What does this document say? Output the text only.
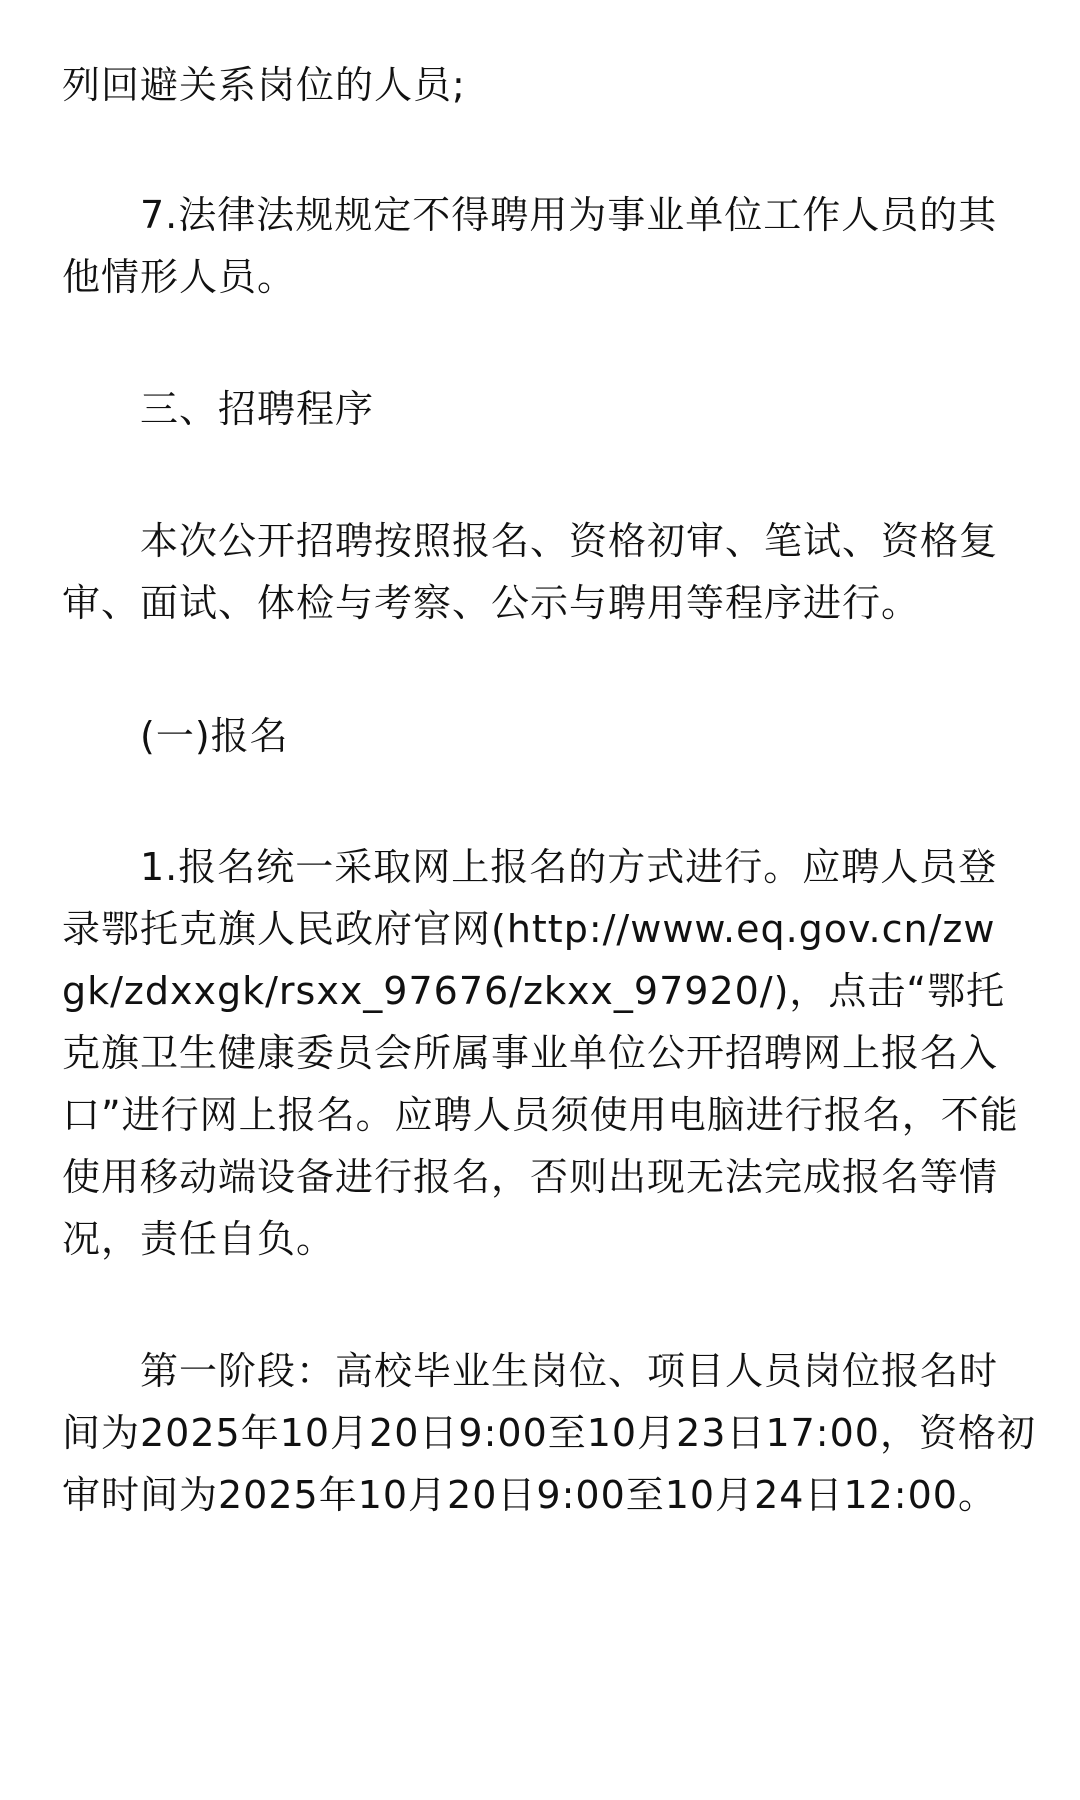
列回避关系岗位的人员;
7.法律法规规定不得聘用为事业单位工作人员的其
他情形人员。
三、招聘程序
本次公开招聘按照报名、资格初审、笔试、资格复
审、面试、体检与考察、公示与聘用等程序进行。
(一)报名
1.报名统一采取网上报名的方式进行。应聘人员登
录鄂托克旗人民政府官网(http://www.eq.gov.cn/zw
gk/zdxxgk/rsxx_97676/zkxx_97920/)，点击“鄂托
克旗卫生健康委员会所属事业单位公开招聘网上报名入
口”进行网上报名。应聘人员须使用电脑进行报名，不能
使用移动端设备进行报名，否则出现无法完成报名等情
况，责任自负。
第一阶段：高校毕业生岗位、项目人员岗位报名时
间为2025年10月20日9:00至10月23日17:00，资格初
审时间为2025年10月20日9:00至10月24日12:00。
